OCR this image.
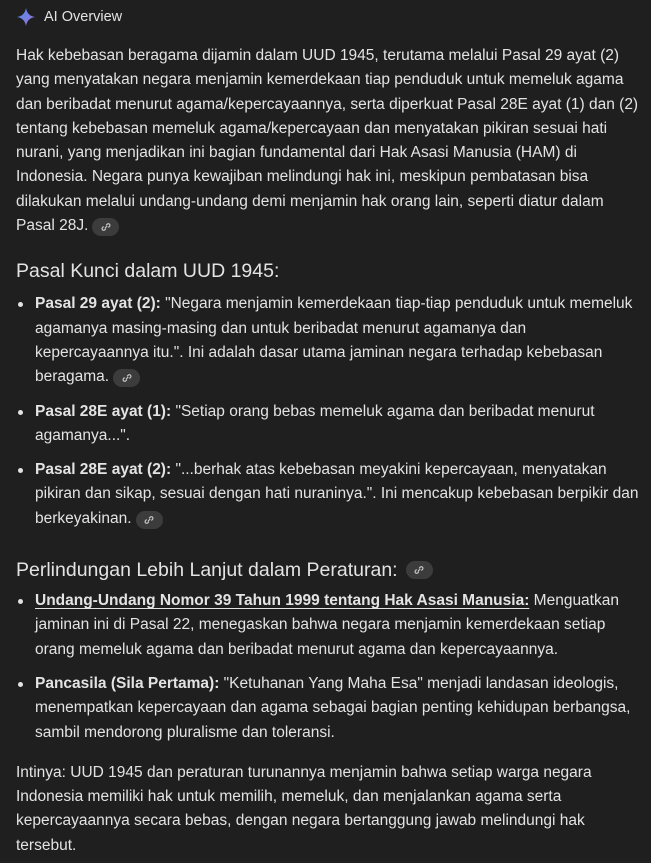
AI Overview

Hak kebebasan beragama dijamin dalam UUD 1945, terutama melalui Pasal 29 ayat (2) yang menyatakan negara menjamin kemerdekaan tiap penduduk untuk memeluk agama dan beribadat menurut agama/kepercayaannya, serta diperkuat Pasal 28E ayat (1) dan (2) tentang kebebasan memeluk agama/kepercayaan dan menyatakan pikiran sesuai hati nurani, yang menjadikan ini bagian fundamental dari Hak Asasi Manusia (HAM) di Indonesia. Negara punya kewajiban melindungi hak ini, meskipun pembatasan bisa dilakukan melalui undang-undang demi menjamin hak orang lain, seperti diatur dalam Pasal 28J.

Pasal Kunci dalam UUD 1945:
Pasal 29 ayat (2): "Negara menjamin kemerdekaan tiap-tiap penduduk untuk memeluk agamanya masing-masing dan untuk beribadat menurut agamanya dan kepercayaannya itu.". Ini adalah dasar utama jaminan negara terhadap kebebasan beragama.
Pasal 28E ayat (1): "Setiap orang bebas memeluk agama dan beribadat menurut agamanya...".
Pasal 28E ayat (2): "...berhak atas kebebasan meyakini kepercayaan, menyatakan pikiran dan sikap, sesuai dengan hati nuraninya.". Ini mencakup kebebasan berpikir dan berkeyakinan.
Perlindungan Lebih Lanjut dalam Peraturan:
Undang-Undang Nomor 39 Tahun 1999 tentang Hak Asasi Manusia: Menguatkan jaminan ini di Pasal 22, menegaskan bahwa negara menjamin kemerdekaan setiap orang memeluk agama dan beribadat menurut agama dan kepercayaannya.
Pancasila (Sila Pertama): "Ketuhanan Yang Maha Esa" menjadi landasan ideologis, menempatkan kepercayaan dan agama sebagai bagian penting kehidupan berbangsa, sambil mendorong pluralisme dan toleransi.

Intinya: UUD 1945 dan peraturan turunannya menjamin bahwa setiap warga negara Indonesia memiliki hak untuk memilih, memeluk, dan menjalankan agama serta kepercayaannya secara bebas, dengan negara bertanggung jawab melindungi hak tersebut.
